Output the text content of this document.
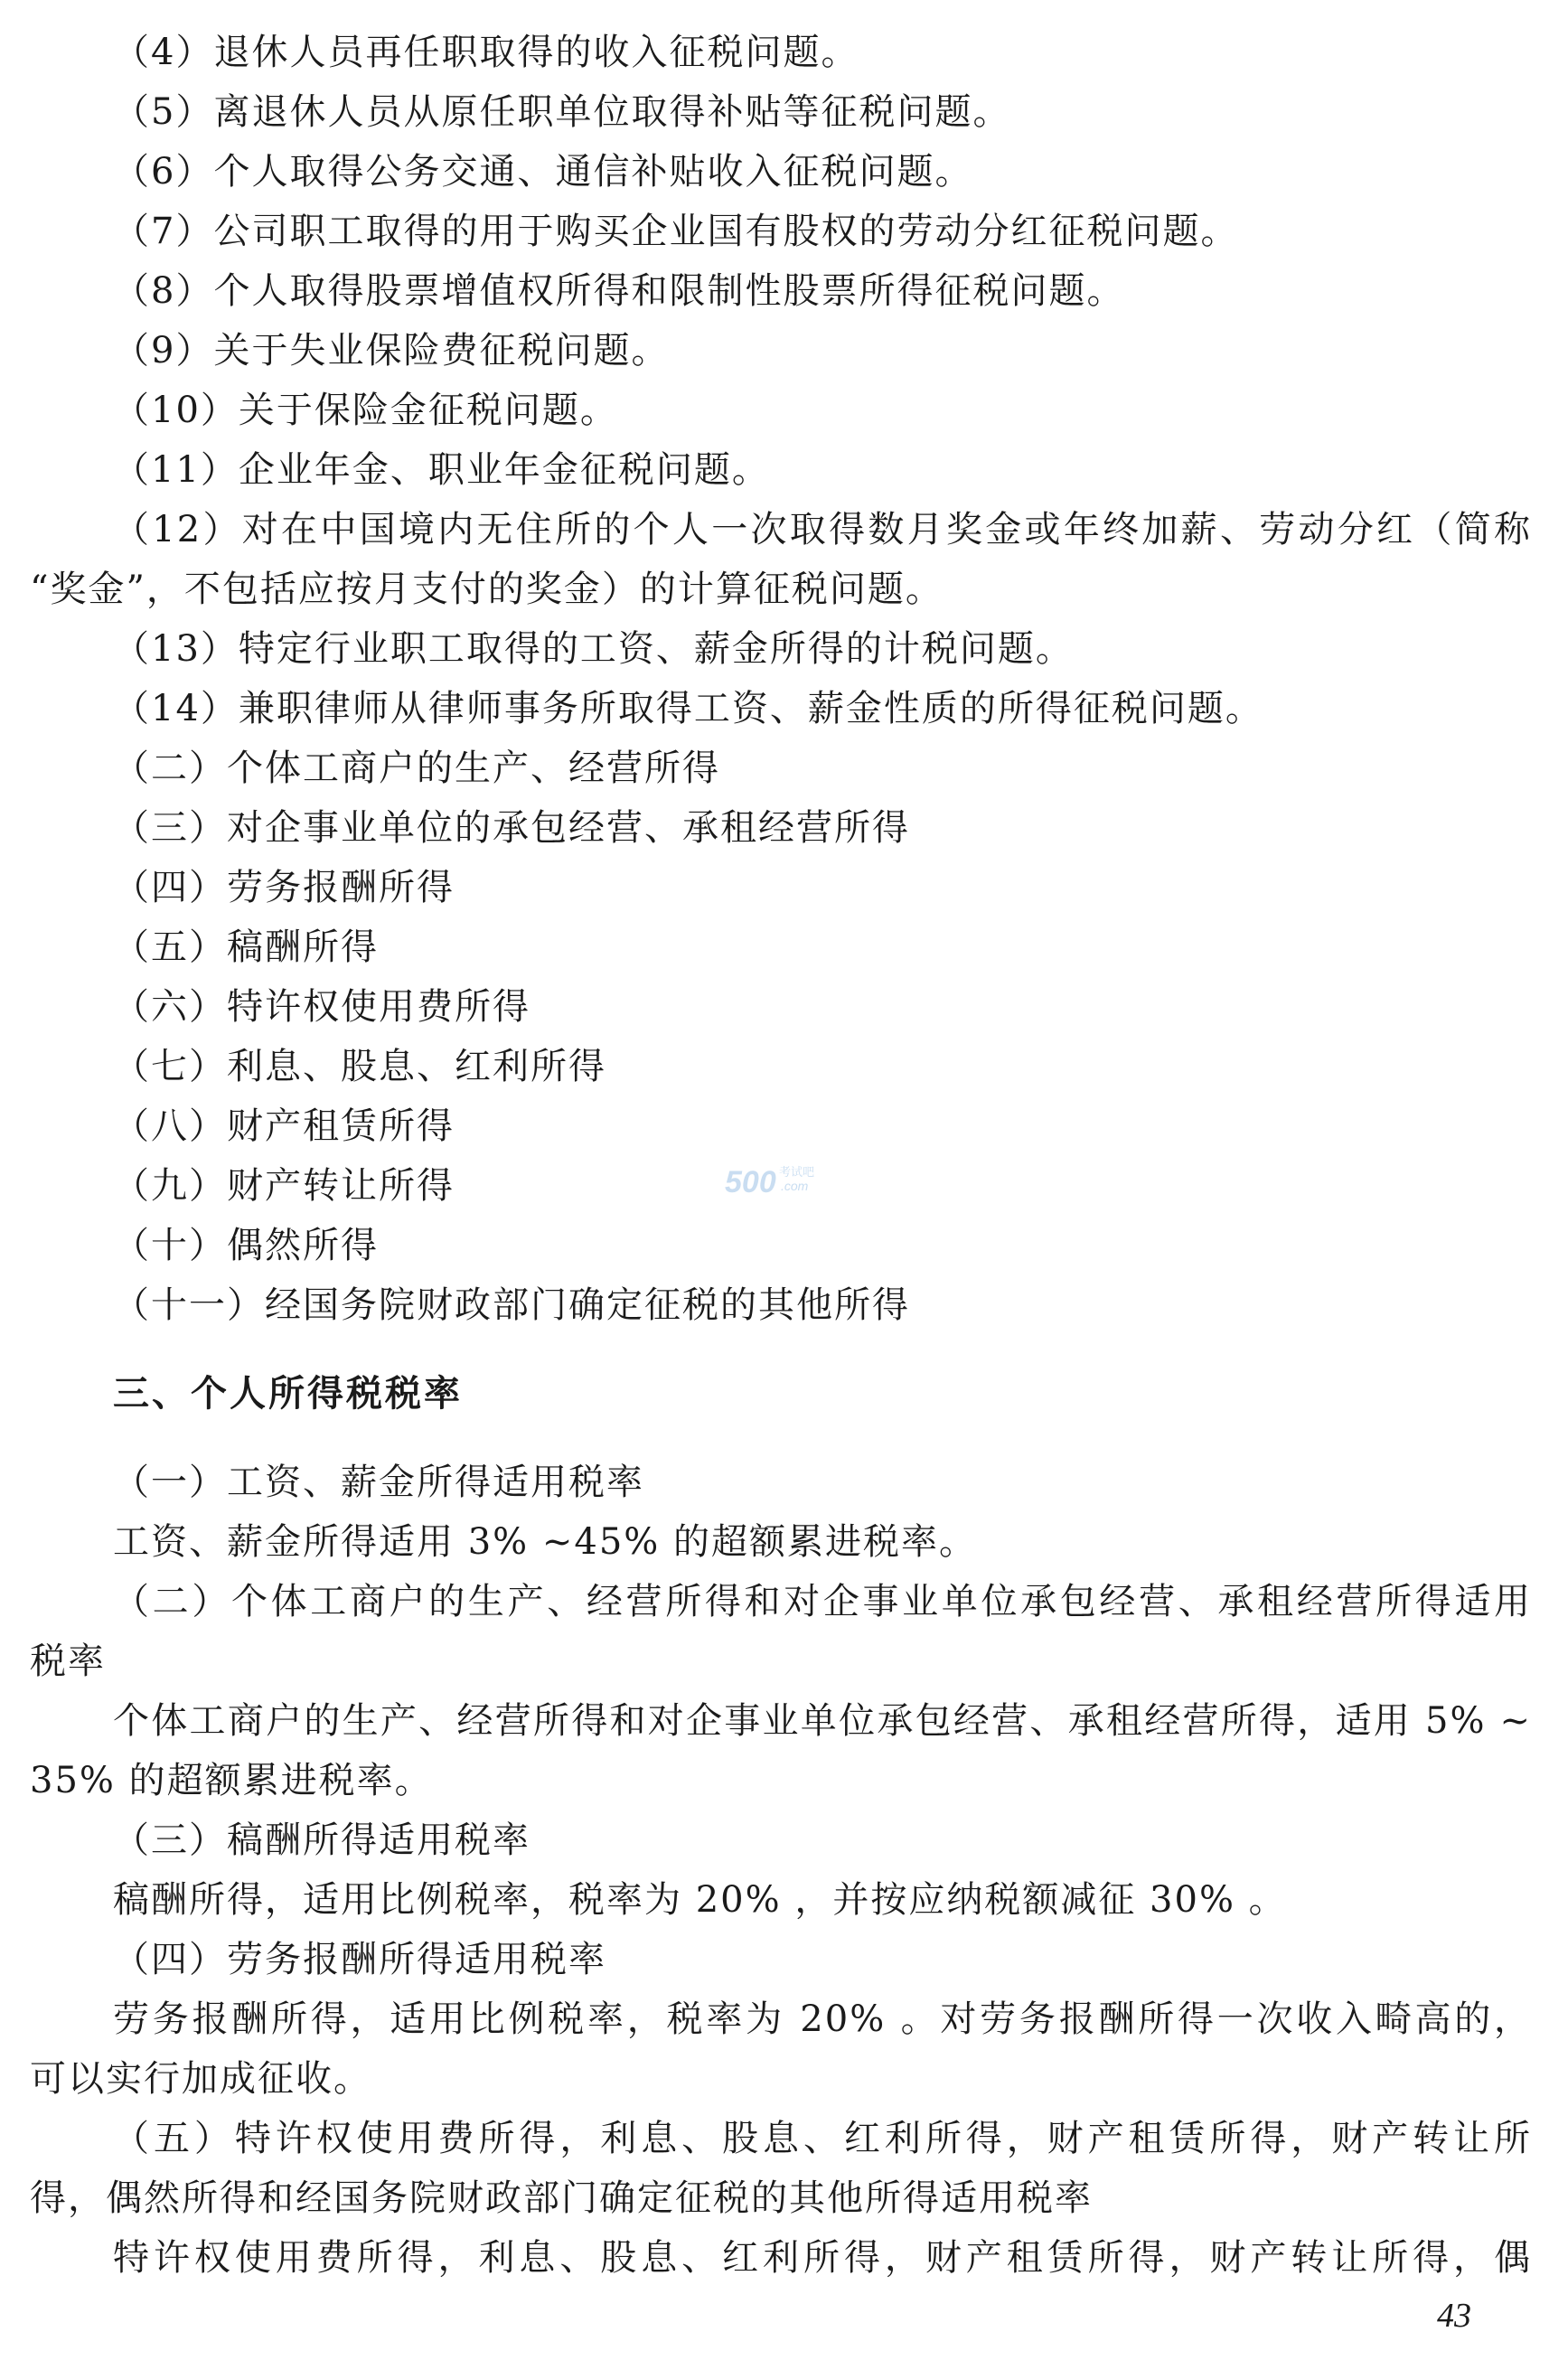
（4）退休人员再任职取得的收入征税问题。
（5）离退休人员从原任职单位取得补贴等征税问题。
（6）个人取得公务交通、通信补贴收入征税问题。
（7）公司职工取得的用于购买企业国有股权的劳动分红征税问题。
（8）个人取得股票增值权所得和限制性股票所得征税问题。
（9）关于失业保险费征税问题。
（10）关于保险金征税问题。
（11）企业年金、职业年金征税问题。
（12）对在中国境内无住所的个人一次取得数月奖金或年终加薪、劳动分红（简称
“奖金”，不包括应按月支付的奖金）的计算征税问题。
（13）特定行业职工取得的工资、薪金所得的计税问题。
（14）兼职律师从律师事务所取得工资、薪金性质的所得征税问题。
（二）个体工商户的生产、经营所得
（三）对企事业单位的承包经营、承租经营所得
（四）劳务报酬所得
（五）稿酬所得
（六）特许权使用费所得
（七）利息、股息、红利所得
（八）财产租赁所得
（九）财产转让所得
（十）偶然所得
（十一）经国务院财政部门确定征税的其他所得
三、个人所得税税率
（一）工资、薪金所得适用税率
工资、薪金所得适用 3% ~45% 的超额累进税率。
（二）个体工商户的生产、经营所得和对企事业单位承包经营、承租经营所得适用
税率
个体工商户的生产、经营所得和对企事业单位承包经营、承租经营所得，适用 5% ~
35% 的超额累进税率。
（三）稿酬所得适用税率
稿酬所得，适用比例税率，税率为 20% ，并按应纳税额减征 30% 。
（四）劳务报酬所得适用税率
劳务报酬所得，适用比例税率，税率为 20% 。对劳务报酬所得一次收入畸高的，
可以实行加成征收。
（五）特许权使用费所得，利息、股息、红利所得，财产租赁所得，财产转让所
得，偶然所得和经国务院财政部门确定征税的其他所得适用税率
特许权使用费所得，利息、股息、红利所得，财产租赁所得，财产转让所得，偶
43
500 考试吧
.com
